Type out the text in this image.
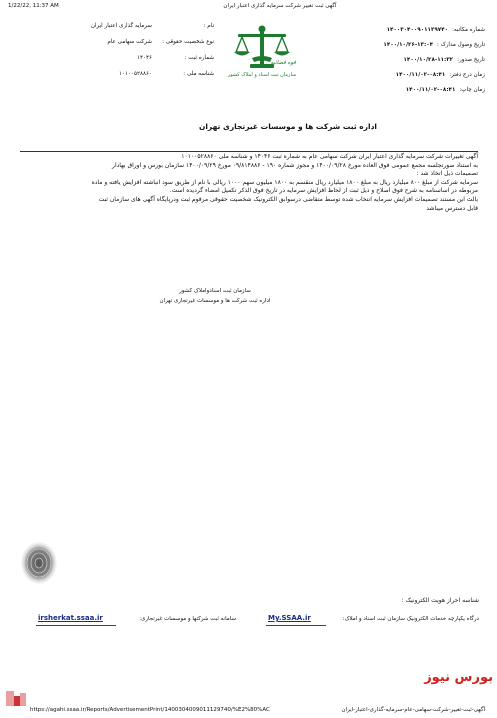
1/22/22, 11:37 AM	آگهی ثبت تغییر شرکت سرمایه گذاری اعتبار ایران
شماره مکاتبه:
۱۴۰۰۳۰۴۰۰۹۰۱۱۲۹۷۴۰
تاریخ وصول مدارک :
۱۴۰۰/۱۰/۲۶-۱۳:۰۴
تاریخ صدور:
۱۴۰۰/۱۰/۲۸-۱۱:۳۲
زمان درج دفتر:
۱۴۰۰/۱۱/۰۲-۰۸:۴۱
زمان چاپ:
۱۴۰۰/۱۱/۰۲-۰۸:۴۱
قوه قضائیه
سازمان ثبت اسناد و املاک کشور
نام :
سرمایه گذاری اعتبار ایران
نوع شخصیت حقوقی :
شرکت سهامی عام
شماره ثبت :
۱۴۰۴۶
شناسه ملی :
۱۰۱۰۰۵۲۸۸۶۰
اداره ثبت شرکت ها و موسسات غیرتجاری تهران
آگهی تغییرات شرکت سرمایه گذاری اعتبار ایران شرکت سهامی عام به شماره ثبت ۱۴۰۴۶ و شناسه ملی ۱۰۱۰۰۵۲۸۸۶۰
به استناد صورتجلسه مجمع عمومی فوق العاده مورخ ۱۴۰۰/۰۹/۲۸ و مجوز شماره ۱۹۰ - ۰۹/۸۱۴۸۸۶ مورخ ۱۴۰۰/۰۹/۲۹ سازمان بورس و اوراق بهادار
تصمیمات ذیل اتخاذ شد :
سرمایه شرکت از مبلغ ۸۰۰ میلیارد ریال به مبلغ ۱۸۰۰ میلیارد ریال منقسم به ۱۸۰۰ میلیون سهم ۱۰۰۰ ریالی با نام از طریق سود انباشته افزایش یافته و ماده
مربوطه در اساسنامه به شرح فوق اصلاح و ذیل ثبت از لحاظ افزایش سرمایه در تاریخ فوق الذکر تکمیل امضاء گردیده است.
بالث این مستند تصمیمات افزایش سرمایه انتخاب شده توسط متقاضی درسوابق الکترونیک شخصیت حقوقی مرقوم ثبت ودرپایگاه آگهی های سازمان ثبت
قابل دسترس میباشد
سازمان ثبت اسنادواملاک کشور
اداره ثبت شرکت ها و موسسات غیرتجاری تهران
شناسه احراز هویت الکترونیک :
درگاه یکپارچه خدمات الکترونیک سازمان ثبت اسناد و املاک:
My.SSAA.ir
سامانه ثبت شرکتها و موسسات غیرتجاری:
irsherkat.ssaa.ir
بورس نیوز
https://agahi.ssaa.ir/Reports/AdvertisementPrint/1400304009011129740/%E2%80%AC	آگهی-ثبت-تغییر-شرکت-سهامی-عام-سرمایه-گذاری-اعتبار-ایران
